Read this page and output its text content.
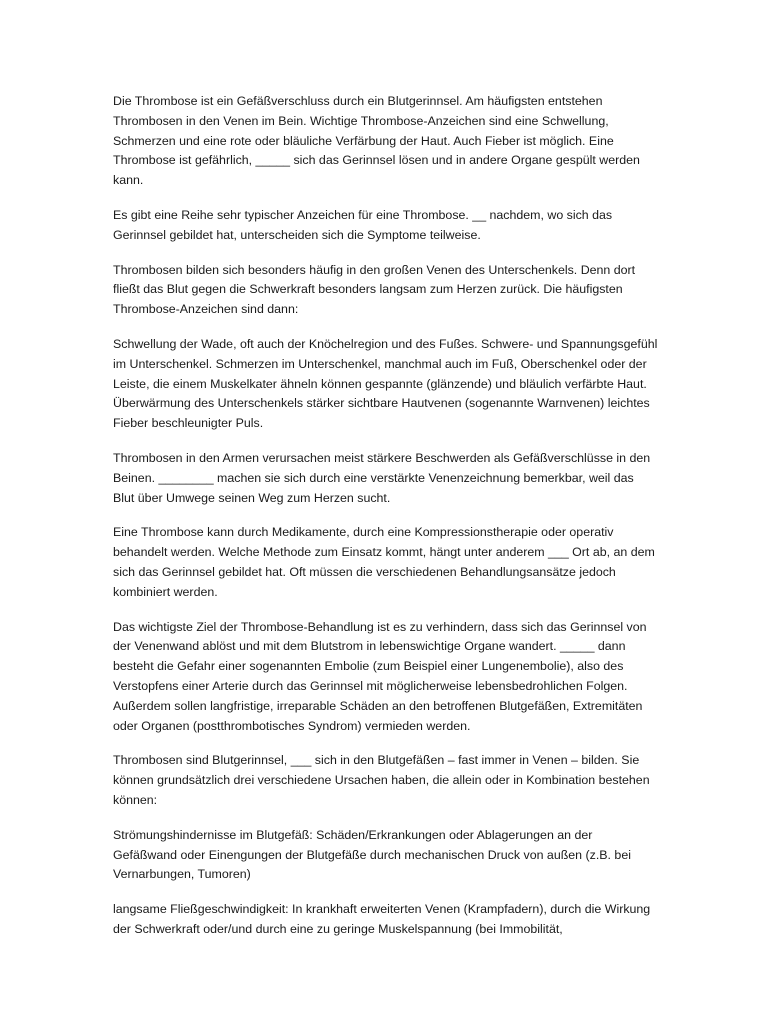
Die Thrombose ist ein Gefäßverschluss durch ein Blutgerinnsel. Am häufigsten entstehen Thrombosen in den Venen im Bein. Wichtige Thrombose-Anzeichen sind eine Schwellung, Schmerzen und eine rote oder bläuliche Verfärbung der Haut. Auch Fieber ist möglich. Eine Thrombose ist gefährlich, _____ sich das Gerinnsel lösen und in andere Organe gespült werden kann.

Es gibt eine Reihe sehr typischer Anzeichen für eine Thrombose. __ nachdem, wo sich das Gerinnsel gebildet hat, unterscheiden sich die Symptome teilweise.

Thrombosen bilden sich besonders häufig in den großen Venen des Unterschenkels. Denn dort fließt das Blut gegen die Schwerkraft besonders langsam zum Herzen zurück. Die häufigsten Thrombose-Anzeichen sind dann:

Schwellung der Wade, oft auch der Knöchelregion und des Fußes. Schwere- und Spannungsgefühl im Unterschenkel. Schmerzen im Unterschenkel, manchmal auch im Fuß, Oberschenkel oder der Leiste, die einem Muskelkater ähneln können gespannte (glänzende) und bläulich verfärbte Haut. Überwärmung des Unterschenkels stärker sichtbare Hautvenen (sogenannte Warnvenen) leichtes Fieber beschleunigter Puls.

Thrombosen in den Armen verursachen meist stärkere Beschwerden als Gefäßverschlüsse in den Beinen. ________ machen sie sich durch eine verstärkte Venenzeichnung bemerkbar, weil das Blut über Umwege seinen Weg zum Herzen sucht.

Eine Thrombose kann durch Medikamente, durch eine Kompressionstherapie oder operativ behandelt werden. Welche Methode zum Einsatz kommt, hängt unter anderem ___ Ort ab, an dem sich das Gerinnsel gebildet hat. Oft müssen die verschiedenen Behandlungsansätze jedoch kombiniert werden.

Das wichtigste Ziel der Thrombose-Behandlung ist es zu verhindern, dass sich das Gerinnsel von der Venenwand ablöst und mit dem Blutstrom in lebenswichtige Organe wandert. _____ dann besteht die Gefahr einer sogenannten Embolie (zum Beispiel einer Lungenembolie), also des Verstopfens einer Arterie durch das Gerinnsel mit möglicherweise lebensbedrohlichen Folgen. Außerdem sollen langfristige, irreparable Schäden an den betroffenen Blutgefäßen, Extremitäten oder Organen (postthrombotisches Syndrom) vermieden werden.

Thrombosen sind Blutgerinnsel, ___ sich in den Blutgefäßen – fast immer in Venen – bilden. Sie können grundsätzlich drei verschiedene Ursachen haben, die allein oder in Kombination bestehen können:

Strömungshindernisse im Blutgefäß: Schäden/Erkrankungen oder Ablagerungen an der Gefäßwand oder Einengungen der Blutgefäße durch mechanischen Druck von außen (z.B. bei Vernarbungen, Tumoren)

langsame Fließgeschwindigkeit: In krankhaft erweiterten Venen (Krampfadern), durch die Wirkung der Schwerkraft oder/und durch eine zu geringe Muskelspannung (bei Immobilität,
